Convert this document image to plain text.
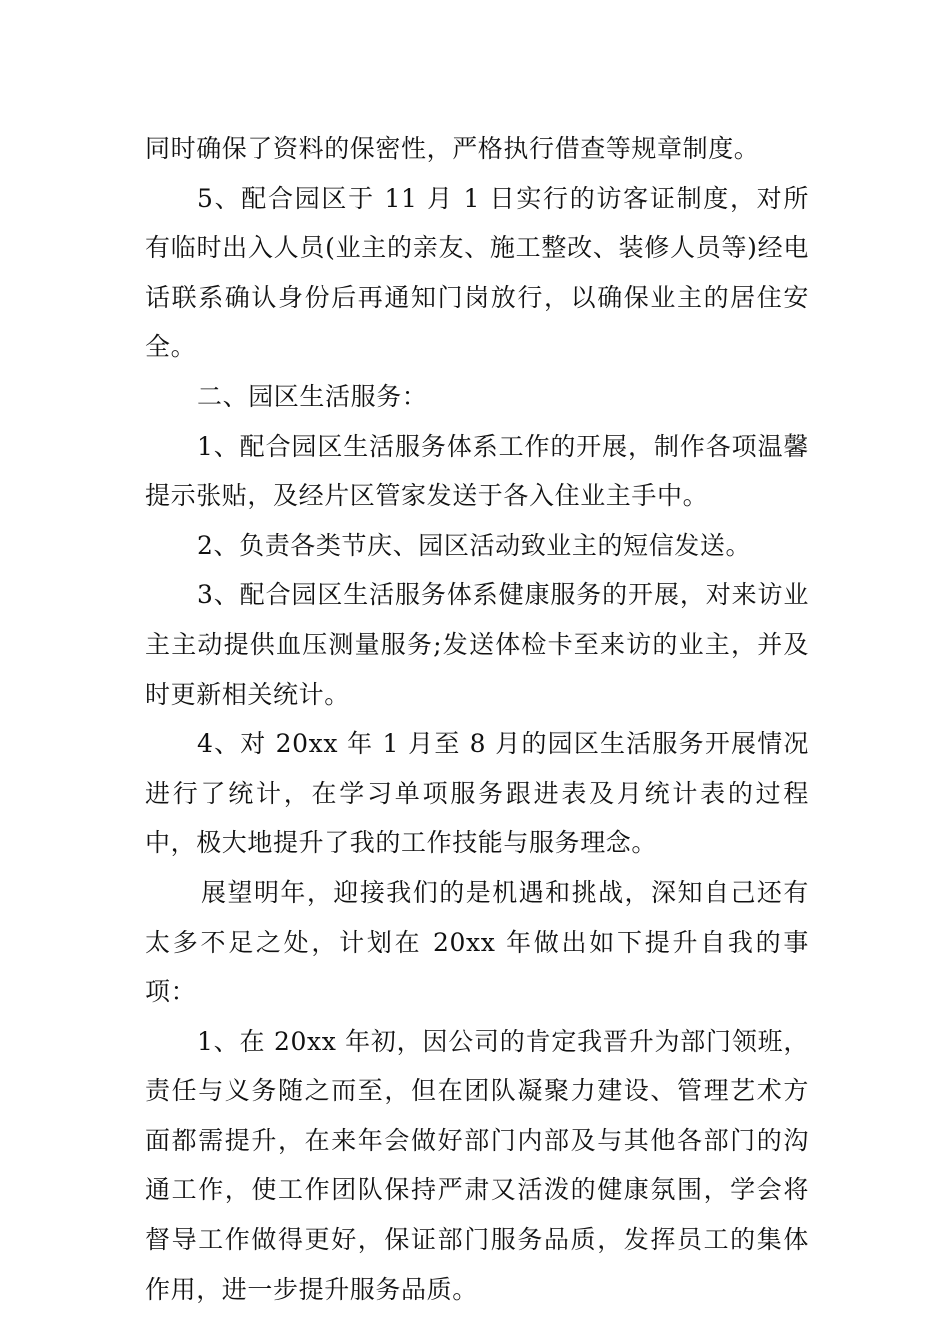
同时确保了资料的保密性，严格执行借查等规章制度。

5、配合园区于 11 月 1 日实行的访客证制度，对所有临时出入人员(业主的亲友、施工整改、装修人员等)经电话联系确认身份后再通知门岗放行，以确保业主的居住安全。

二、园区生活服务：

1、配合园区生活服务体系工作的开展，制作各项温馨提示张贴，及经片区管家发送于各入住业主手中。

2、负责各类节庆、园区活动致业主的短信发送。

3、配合园区生活服务体系健康服务的开展，对来访业主主动提供血压测量服务;发送体检卡至来访的业主，并及时更新相关统计。

4、对 20xx 年 1 月至 8 月的园区生活服务开展情况进行了统计，在学习单项服务跟进表及月统计表的过程中，极大地提升了我的工作技能与服务理念。

展望明年，迎接我们的是机遇和挑战，深知自己还有太多不足之处，计划在 20xx 年做出如下提升自我的事项：

1、在 20xx 年初，因公司的肯定我晋升为部门领班，责任与义务随之而至，但在团队凝聚力建设、管理艺术方面都需提升，在来年会做好部门内部及与其他各部门的沟通工作，使工作团队保持严肃又活泼的健康氛围，学会将督导工作做得更好，保证部门服务品质，发挥员工的集体作用，进一步提升服务品质。
